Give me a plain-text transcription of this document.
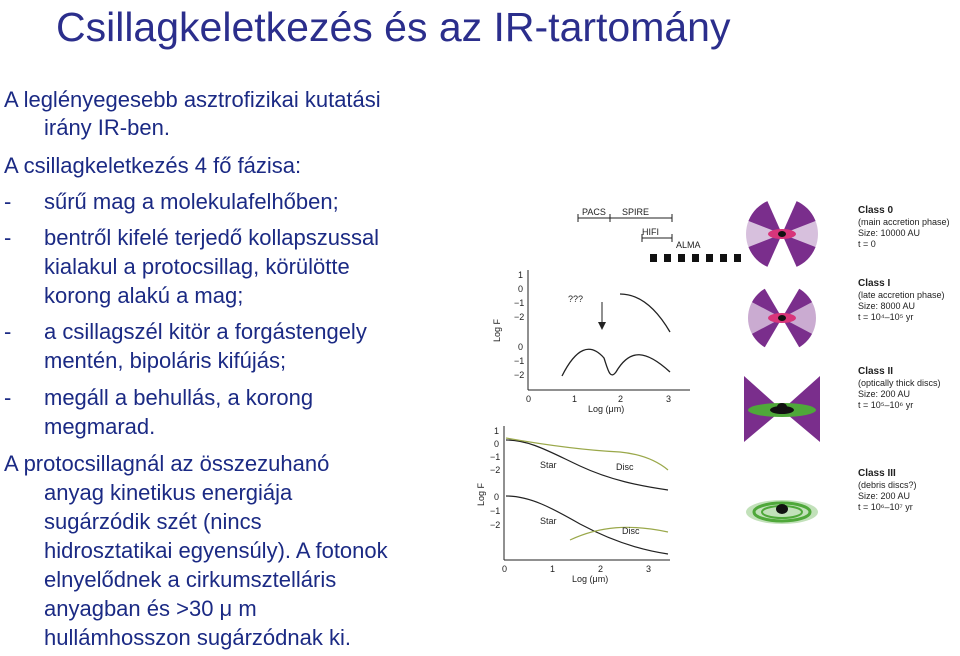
Csillagkeletkezés és az IR-tartomány
A leglényegesebb asztrofizikai kutatási
irány IR-ben.
A csillagkeletkezés 4 fő fázisa:
- sűrű mag a molekulafelhőben;
- bentről kifelé terjedő kollapszussal
kialakul a protocsillag, körülötte
korong alakú a mag;
- a csillagszél kitör a forgástengely
mentén, bipoláris kifújás;
- megáll a behullás, a korong
megmarad.
A protocsillagnál az összezuhanó
anyag kinetikus energiája
sugárzódik szét (nincs
hidrosztatikai egyensúly). A fotonok
elnyelődnek a cirkumsztelláris
anyagban és >30 μ m
hullámhosszon sugárzódnak ki.
PACS SPIRE
HIFI
ALMA
Log F
1
0
−1
−2
0
−1
−2
0	1	2	3
Log (μm)
???
Log F
1
0
−1
−2
0
−1
−2
0	1	2	3
Log (μm)
Star	Disc
Star
Disc
Class 0
(main accretion phase)
Size: 10000 AU
t = 0
Class I
(late accretion phase)
Size: 8000 AU
t = 10⁴–10⁵ yr
Class II
(optically thick discs)
Size: 200 AU
t = 10⁵–10⁶ yr
Class III
(debris discs?)
Size: 200 AU
t = 10⁶–10⁷ yr
